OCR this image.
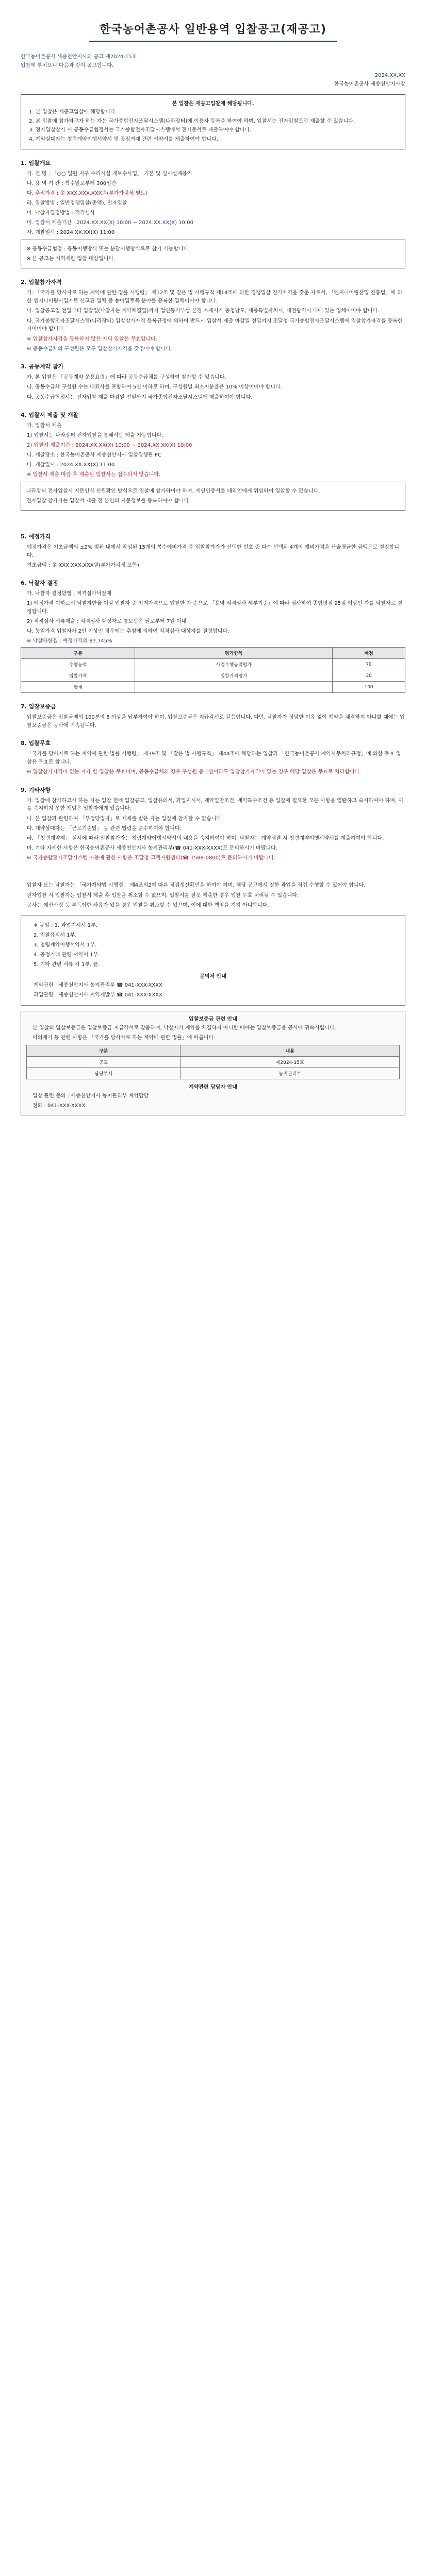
한국농어촌공사 일반용역 입찰공고(재공고)

한국농어촌공사 세종천안지사의 공고 제2024-15호

입찰에 부치오니 다음과 같이 공고합니다.

2024.XX.XX
한국농어촌공사 세종천안지사장
본 입찰은 재공고입찰에 해당됩니다.
1. 본 입찰은 재공고입찰에 해당합니다.
2. 본 입찰에 참가하고자 하는 자는 국가종합전자조달시스템(나라장터)에 이용자 등록을 하여야 하며, 입찰서는 전자입찰로만 제출할 수 있습니다.
3. 전자입찰참가 시 공동수급협정서는 국가종합전자조달시스템에서 전자문서로 제출하여야 합니다.
4. 계약상대자는 청렴계약이행서약서 및 공정거래 관련 서약서를 제출하여야 합니다.
1. 입찰개요
가. 건 명 : 「○○ 일원 지구 수리시설 개보수사업」 기본 및 실시설계용역
나. 용 역 기 간 : 착수일로부터 300일간
다. 추정가격 : 金 XXX,XXX,XXX원(부가가치세 별도)
라. 입찰방법 : 일반경쟁입찰(총액), 전자입찰
마. 낙찰자결정방법 : 적격심사
바. 입찰서 제출기간 : 2024.XX.XX(X) 10:00 ~ 2024.XX.XX(X) 10:00
사. 개찰일시 : 2024.XX.XX(X) 11:00
※ 공동수급협정 : 공동이행방식 또는 분담이행방식으로 참가 가능합니다.
※ 본 공고는 지역제한 입찰 대상입니다.
2. 입찰참가자격
가. 「국가를 당사자로 하는 계약에 관한 법률 시행령」 제12조 및 같은 법 시행규칙 제14조에 의한 경쟁입찰 참가자격을 갖춘 자로서, 「엔지니어링산업 진흥법」에 의한 엔지니어링사업자로 신고된 업체 중 농어업토목 분야를 등록한 업체이어야 합니다.
나. 입찰공고일 전일부터 입찰일(낙찰자는 계약체결일)까지 법인등기부상 본점 소재지가 충청남도, 세종특별자치시, 대전광역시 내에 있는 업체이어야 합니다.
다. 국가종합전자조달시스템(나라장터) 입찰참가자격 등록규정에 의하여 반드시 입찰서 제출 마감일 전일까지 조달청 국가종합전자조달시스템에 입찰참가자격을 등록한 자이어야 합니다.
※ 입찰참가자격을 등록하지 않은 자의 입찰은 무효입니다.
※ 공동수급체의 구성원은 모두 입찰참가자격을 갖추어야 합니다.
3. 공동계약 참가
가. 본 입찰은 「공동계약 운용요령」에 따라 공동수급체를 구성하여 참가할 수 있습니다.
나. 공동수급체 구성원 수는 대표사를 포함하여 5인 이하로 하며, 구성원별 최소지분율은 10% 이상이어야 합니다.
다. 공동수급협정서는 전자입찰 제출 마감일 전일까지 국가종합전자조달시스템에 제출하여야 합니다.
4. 입찰서 제출 및 개찰
가. 입찰서 제출
1) 입찰서는 나라장터 전자입찰을 통해서만 제출 가능합니다.
2) 입찰서 제출기간 : 2024.XX.XX(X) 10:00 ~ 2024.XX.XX(X) 10:00
나. 개찰장소 : 한국농어촌공사 세종천안지사 입찰집행관 PC
다. 개찰일시 : 2024.XX.XX(X) 11:00
※ 입찰서 제출 마감 후 제출된 입찰서는 접수되지 않습니다.
나라장터 전자입찰시 지문인식 신원확인 방식으로 입찰에 참가하여야 하며, 개인인증서를 대리인에게 위임하여 입찰할 수 없습니다.
전자입찰 참가자는 입찰서 제출 전 본인의 지문정보를 등록하여야 합니다.
5. 예정가격
예정가격은 기초금액의 ±2% 범위 내에서 작성된 15개의 복수예비가격 중 입찰참가자가 선택한 번호 중 다수 선택된 4개의 예비가격을 산술평균한 금액으로 결정합니다.
기초금액 : 金 XXX,XXX,XXX원(부가가치세 포함)
6. 낙찰자 결정
가. 낙찰자 결정방법 : 적격심사낙찰제
1) 예정가격 이하로서 낙찰하한율 이상 입찰자 중 최저가격으로 입찰한 자 순으로 「용역 적격심사 세부기준」에 따라 심사하여 종합평점 95점 이상인 자를 낙찰자로 결정합니다.
2) 적격심사 서류제출 : 적격심사 대상자로 통보받은 날로부터 7일 이내
나. 동일가격 입찰자가 2인 이상인 경우에는 추첨에 의하여 적격심사 대상자를 결정합니다.
※ 낙찰하한율 : 예정가격의 87.745%
구분	평가항목	배점
수행능력	사업수행능력평가	70
입찰가격	입찰가격평가	30
합계		100
7. 입찰보증금
입찰보증금은 입찰금액의 100분의 5 이상을 납부하여야 하며, 입찰보증금은 지급각서로 갈음합니다. 다만, 낙찰자가 정당한 이유 없이 계약을 체결하지 아니할 때에는 입찰보증금은 공사에 귀속됩니다.
8. 입찰무효
「국가를 당사자로 하는 계약에 관한 법률 시행령」 제39조 및 「같은 법 시행규칙」 제44조에 해당하는 입찰과 「한국농어촌공사 계약사무처리규정」에 의한 무효 입찰은 무효로 합니다.
※ 입찰참가자격이 없는 자가 한 입찰은 무효이며, 공동수급체의 경우 구성원 중 1인이라도 입찰참가자격이 없는 경우 해당 입찰은 무효로 처리합니다.
9. 기타사항
가. 입찰에 참가하고자 하는 자는 입찰 전에 입찰공고, 입찰유의서, 과업지시서, 계약일반조건, 계약특수조건 등 입찰에 필요한 모든 사항을 열람하고 숙지하여야 하며, 이를 숙지하지 못한 책임은 입찰자에게 있습니다.
나. 본 입찰과 관련하여 「부정당업자」로 제재를 받은 자는 입찰에 참가할 수 없습니다.
다. 계약상대자는 「근로기준법」 등 관련 법령을 준수하여야 합니다.
라. 「청렴계약제」 실시에 따라 입찰참가자는 청렴계약이행서약서의 내용을 숙지하여야 하며, 낙찰자는 계약체결 시 청렴계약이행서약서를 제출하여야 합니다.
마. 기타 자세한 사항은 한국농어촌공사 세종천안지사 농지관리부(☎ 041-XXX-XXXX)로 문의하시기 바랍니다.
※ 국가종합전자조달시스템 이용에 관한 사항은 조달청 고객지원센터(☎ 1588-0800)로 문의하시기 바랍니다.
입찰자 또는 낙찰자는 「국가계약법 시행령」 제4조의2에 따른 직접생산확인을 하여야 하며, 해당 공고에서 정한 과업을 직접 수행할 수 있어야 합니다.
전자입찰 시 입찰자는 입찰서 제출 후 입찰을 취소할 수 없으며, 입찰서를 잘못 제출한 경우 입찰 무효 처리될 수 있습니다.
공사는 예산사정 등 부득이한 사유가 있을 경우 입찰을 취소할 수 있으며, 이에 대한 책임을 지지 아니합니다.
※ 붙임 : 1. 과업지시서 1부.
2. 입찰유의서 1부.
3. 청렴계약이행서약서 1부.
4. 공정거래 관련 서약서 1부.
5. 기타 관련 서류 각 1부. 끝.
문의처 안내
계약관련 : 세종천안지사 농지관리부 ☎ 041-XXX-XXXX
과업관련 : 세종천안지사 지역개발부 ☎ 041-XXX-XXXX
입찰보증금 관련 안내
본 입찰의 입찰보증금은 입찰보증금 지급각서로 갈음하며, 낙찰자가 계약을 체결하지 아니할 때에는 입찰보증금을 공사에 귀속시킵니다.
이의제기 등 관련 사항은 「국가를 당사자로 하는 계약에 관한 법률」에 따릅니다.
구분	내용
공고	제2024-15호
담당부서	농지관리부
계약관련 담당자 안내
입찰 관련 문의 : 세종천안지사 농지관리부 계약담당
전화 : 041-XXX-XXXX
